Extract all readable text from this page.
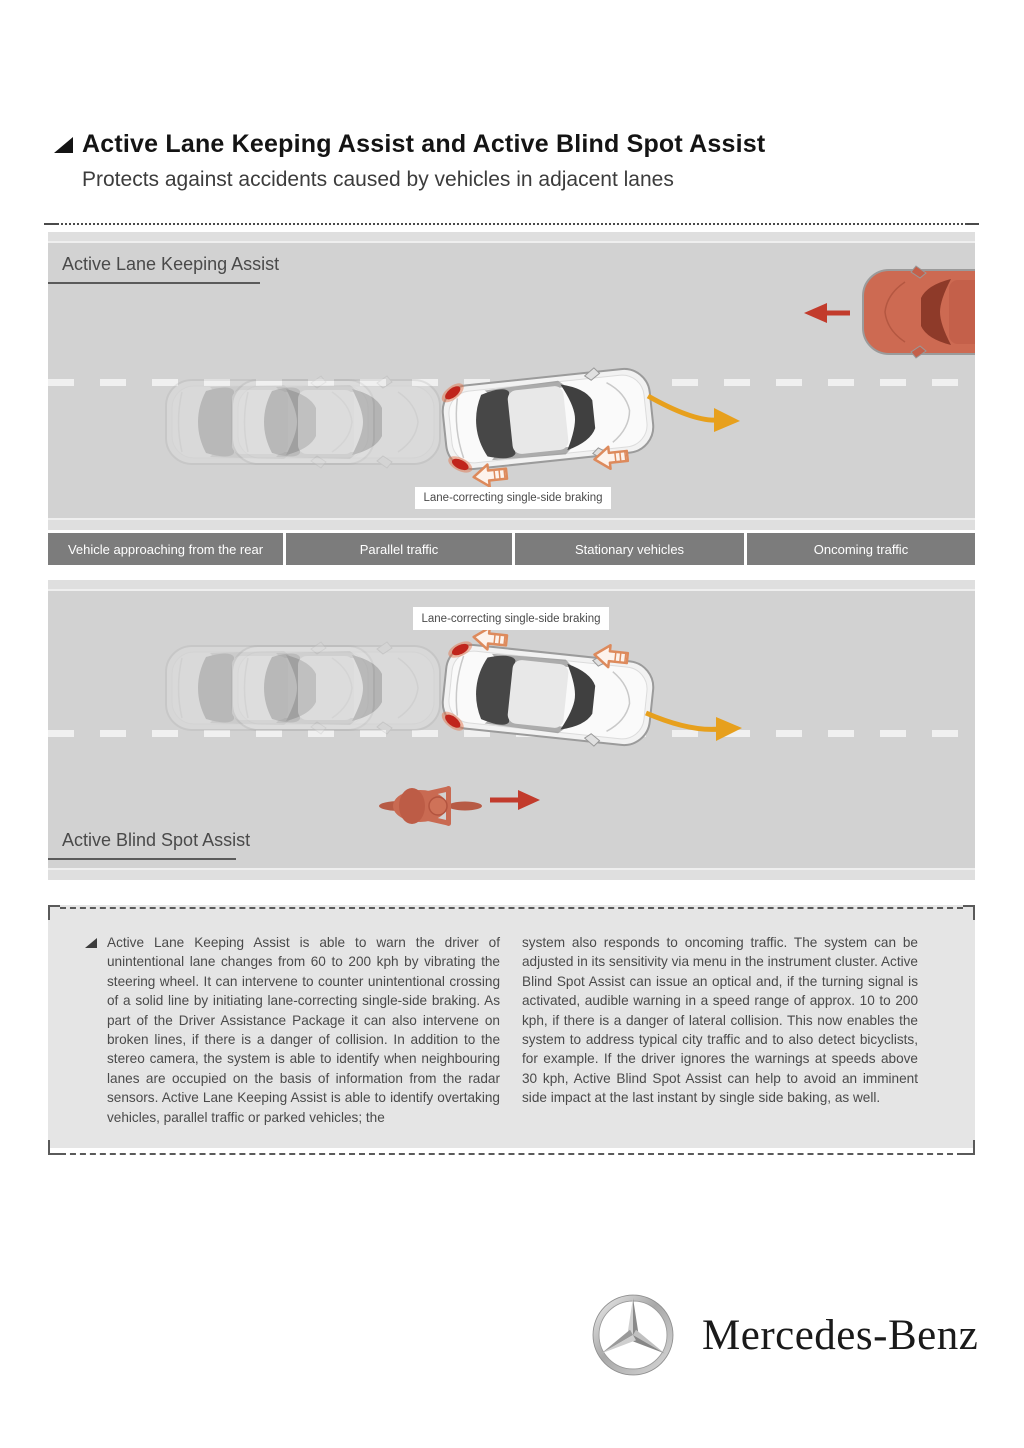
Active Lane Keeping Assist and Active Blind Spot Assist
Protects against accidents caused by vehicles in adjacent lanes
Active Lane Keeping Assist
Lane-correcting single-side braking
Vehicle approaching from the rear	Parallel traffic	Stationary vehicles	Oncoming traffic
Active Blind Spot Assist
Lane-correcting single-side braking
Active Lane Keeping Assist is able to warn the driver of unintentional lane changes from 60 to 200 kph by vibrating the steering wheel. It can intervene to counter unintentional crossing of a solid line by initiating lane-correcting single-side braking. As part of the Driver Assistance Package it can also intervene on broken lines, if there is a danger of collision. In addition to the stereo camera, the system is able to identify when neighbouring lanes are occupied on the basis of information from the radar sensors. Active Lane Keeping Assist is able to identify overtaking vehicles, parallel traffic or parked vehicles; the
system also responds to oncoming traffic. The system can be adjusted in its sensitivity via menu in the instrument cluster. Active Blind Spot Assist can issue an optical and, if the turning signal is activated, audible warning in a speed range of approx. 10 to 200 kph, if there is a danger of lateral collision. This now enables the system to address typical city traffic and to also detect bicyclists, for example. If the driver ignores the warnings at speeds above 30 kph, Active Blind Spot Assist can help to avoid an imminent side impact at the last instant by single side baking, as well.
Mercedes-Benz
